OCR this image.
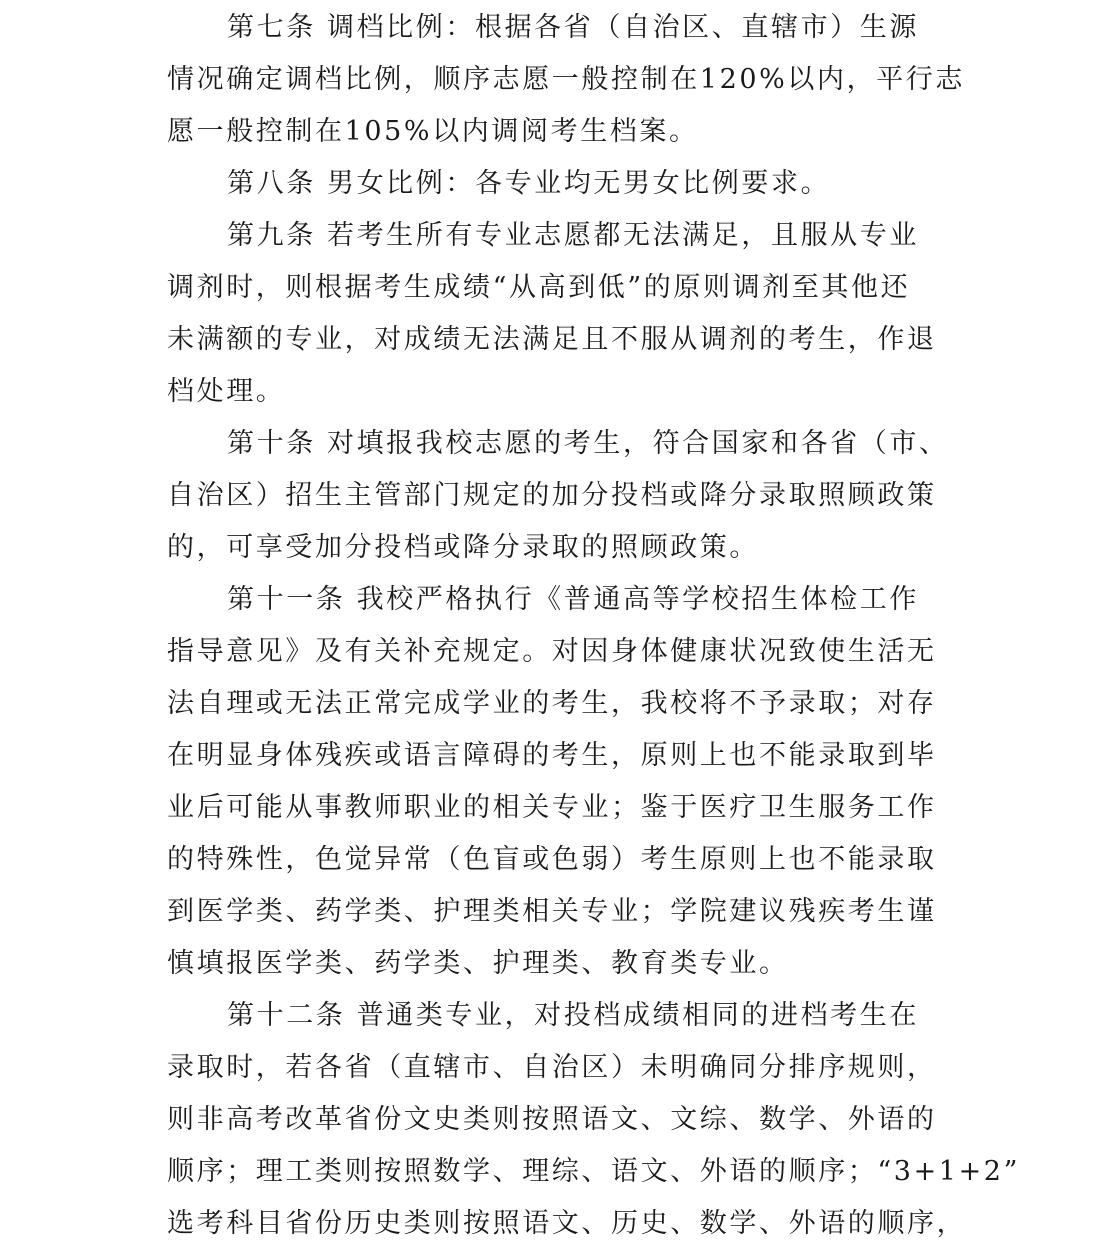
第七条 调档比例：根据各省（自治区、直辖市）生源
情况确定调档比例，顺序志愿一般控制在120%以内，平行志
愿一般控制在105%以内调阅考生档案。
第八条 男女比例：各专业均无男女比例要求。
第九条 若考生所有专业志愿都无法满足，且服从专业
调剂时，则根据考生成绩“从高到低”的原则调剂至其他还
未满额的专业，对成绩无法满足且不服从调剂的考生，作退
档处理。
第十条 对填报我校志愿的考生，符合国家和各省（市、
自治区）招生主管部门规定的加分投档或降分录取照顾政策
的，可享受加分投档或降分录取的照顾政策。
第十一条 我校严格执行《普通高等学校招生体检工作
指导意见》及有关补充规定。对因身体健康状况致使生活无
法自理或无法正常完成学业的考生，我校将不予录取；对存
在明显身体残疾或语言障碍的考生，原则上也不能录取到毕
业后可能从事教师职业的相关专业；鉴于医疗卫生服务工作
的特殊性，色觉异常（色盲或色弱）考生原则上也不能录取
到医学类、药学类、护理类相关专业；学院建议残疾考生谨
慎填报医学类、药学类、护理类、教育类专业。
第十二条 普通类专业，对投档成绩相同的进档考生在
录取时，若各省（直辖市、自治区）未明确同分排序规则，
则非高考改革省份文史类则按照语文、文综、数学、外语的
顺序；理工类则按照数学、理综、语文、外语的顺序；“3+1+2”
选考科目省份历史类则按照语文、历史、数学、外语的顺序，
